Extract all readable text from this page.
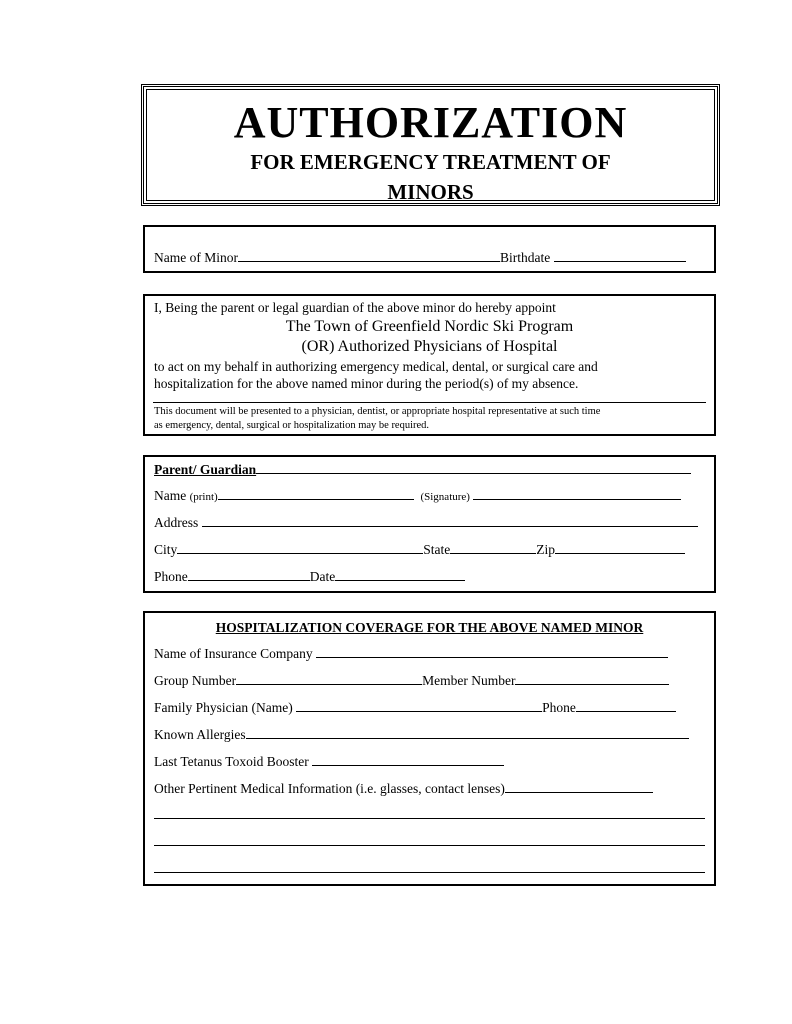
AUTHORIZATION
FOR EMERGENCY TREATMENT OF
MINORS
Name of Minor	Birthdate
I, Being the parent or legal guardian of the above minor do hereby appoint
The Town of Greenfield Nordic Ski Program
(OR) Authorized Physicians of Hospital
to act on my behalf in authorizing emergency medical, dental, or surgical care and
hospitalization for the above named minor during the period(s) of my absence.
This document will be presented to a physician, dentist, or appropriate hospital representative at such time
as emergency, dental, surgical or hospitalization may be required.
Parent/ Guardian
Name (print)	(Signature)
Address
City	State	Zip
Phone	Date
HOSPITALIZATION COVERAGE FOR THE ABOVE NAMED MINOR
Name of Insurance Company
Group Number	Member Number
Family Physician (Name)	Phone
Known Allergies
Last Tetanus Toxoid Booster
Other Pertinent Medical Information (i.e. glasses, contact lenses)
